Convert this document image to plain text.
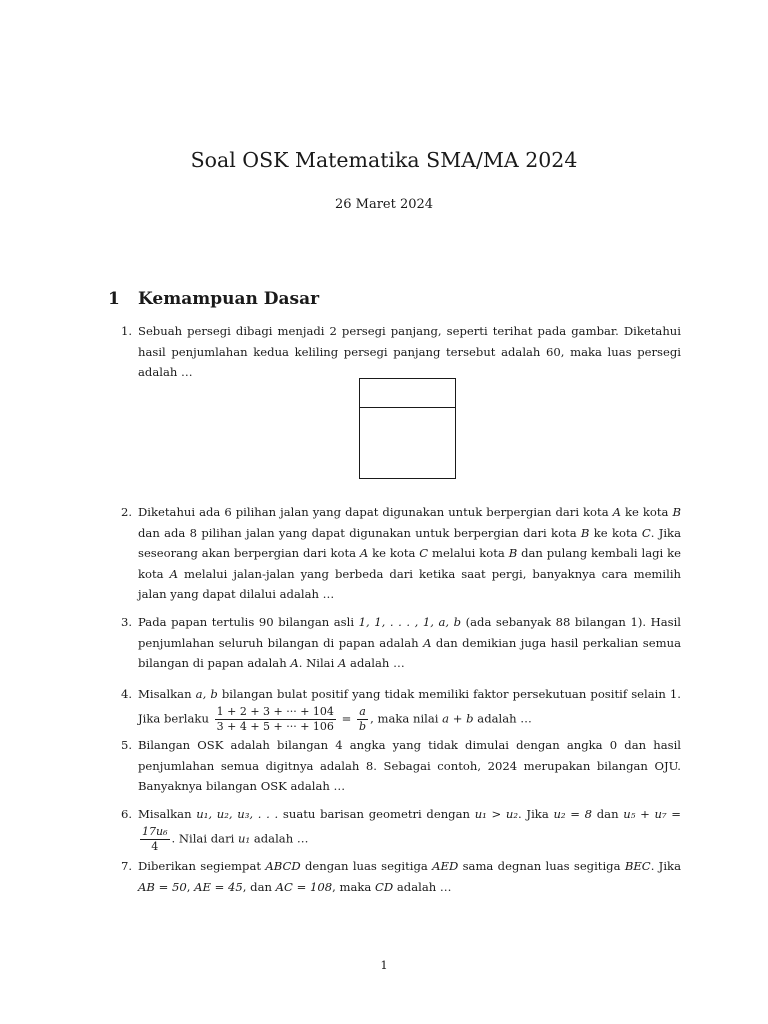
Soal OSK Matematika SMA/MA 2024
26 Maret 2024
1 Kemampuan Dasar
1. Sebuah persegi dibagi menjadi 2 persegi panjang, seperti terihat pada gambar. Diketahui hasil penjumlahan kedua keliling persegi panjang tersebut adalah 60, maka luas persegi adalah …
2. Diketahui ada 6 pilihan jalan yang dapat digunakan untuk berpergian dari kota A ke kota B dan ada 8 pilihan jalan yang dapat digunakan untuk berpergian dari kota B ke kota C. Jika seseorang akan berpergian dari kota A ke kota C melalui kota B dan pulang kembali lagi ke kota A melalui jalan-jalan yang berbeda dari ketika saat pergi, banyaknya cara memilih jalan yang dapat dilalui adalah …
3. Pada papan tertulis 90 bilangan asli 1, 1, . . . , 1, a, b (ada sebanyak 88 bilangan 1). Hasil penjumlahan seluruh bilangan di papan adalah A dan demikian juga hasil perkalian semua bilangan di papan adalah A. Nilai A adalah …
4. Misalkan a, b bilangan bulat positif yang tidak memiliki faktor persekutuan positif selain 1. Jika berlaku $\frac{1 + 2 + 3 + \cdot\cdot\cdot + 104}{3 + 4 + 5 + \cdot\cdot\cdot + 106} = \frac{a}{b}$ , maka nilai a + b adalah …
5. Bilangan OSK adalah bilangan 4 angka yang tidak dimulai dengan angka 0 dan hasil penjumlahan semua digitnya adalah 8. Sebagai contoh, 2024 merupakan bilangan OJU. Banyaknya bilangan OSK adalah …
6. Misalkan u₁, u₂, u₃, . . . suatu barisan geometri dengan u₁ > u₂. Jika u₂ = 8 dan u₅ + u₇ =
$\frac{\text{17u₆}}{4}$ . Nilai dari u₁ adalah …
7. Diberikan segiempat ABCD dengan luas segitiga AED sama degnan luas segitiga BEC. Jika AB = 50, AE = 45, dan AC = 108, maka CD adalah …
1
